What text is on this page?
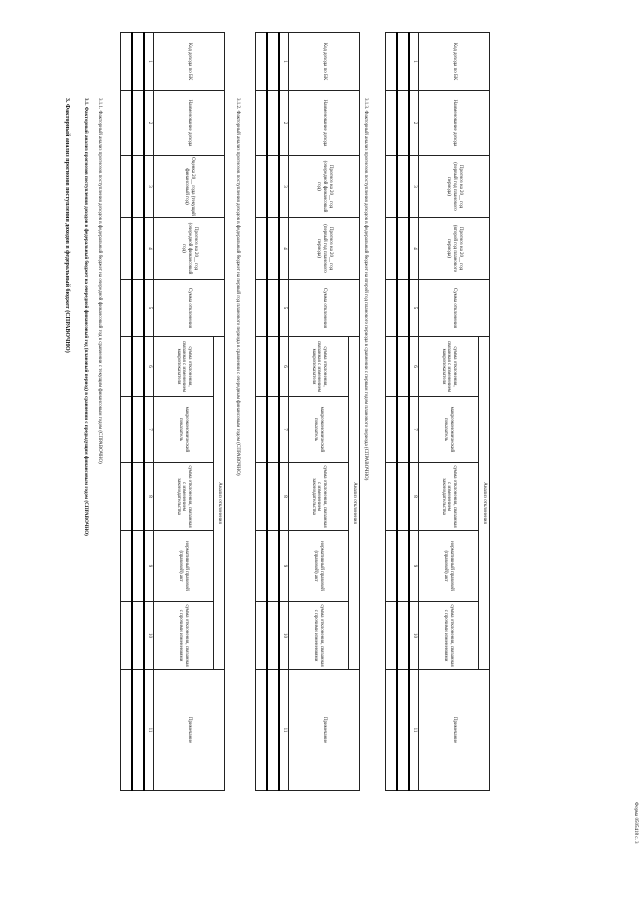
Форма 0505418 с. 3
3. Факторный анализ прогнозов поступления доходов в федеральный бюджет (СПРАВОЧНО)	3.1. Факторный анализ прогнозов поступления доходов в федеральный бюджет на очередной финансовый год (плановый период) в сравнении с предыдущим финансовым годом (СПРАВОЧНО) 3.1.1. Факторный анализ прогнозов поступления доходов в федеральный бюджет на очередной финансовый год в сравнении с текущим финансовым годом (СПРАВОЧНО)
Код дохода по БК	Наименование дохода	Оценка 20__ года (текущий финансовый год)	Прогноз на 20__ год (очередной финансовый год)	Сумма отклонения	Анализ отклонения					Примечание
					сумма отклонения, связанная с изменением макропоказателя	макроэкономический показатель	сумма отклонения, связанная с изменением законодательства	нормативный правовой (правовой) акт	сумма отклонения, связанная с прочими изменениями	
1	2	3	4	5	6	7	8	9	10	11

3.1.2. Факторный анализ прогнозов поступления доходов в федеральный бюджет на первый год планового периода в сравнении с очередным финансовым годом (СПРАВОЧНО)
Код дохода по БК	Наименование дохода	Прогноз на 20__ год (очередной финансовый год)	Прогноз на 20__ год (первый год планового периода)	Сумма отклонения	Анализ отклонения					Примечание
					сумма отклонения, связанная с изменением макропоказателя	макроэкономический показатель	сумма отклонения, связанная с изменением законодательства	нормативный правовой (правовой) акт	сумма отклонения, связанная с прочими изменениями	
1	2	3	4	5	6	7	8	9	10	11

3.1.3. Факторный анализ прогнозов поступления доходов в федеральный бюджет на второй год планового периода в сравнении с первым годом планового периода (СПРАВОЧНО)
Код дохода по БК	Наименование дохода	Прогноз на 20__ год (первый год планового периода)	Прогноз на 20__ год (второй год планового периода)	Сумма отклонения	Анализ отклонения					Примечание
					сумма отклонения, связанная с изменением макропоказателя	макроэкономический показатель	сумма отклонения, связанная с изменением законодательства	нормативный правовой (правовой) акт	сумма отклонения, связанная с прочими изменениями	
1	2	3	4	5	6	7	8	9	10	11
